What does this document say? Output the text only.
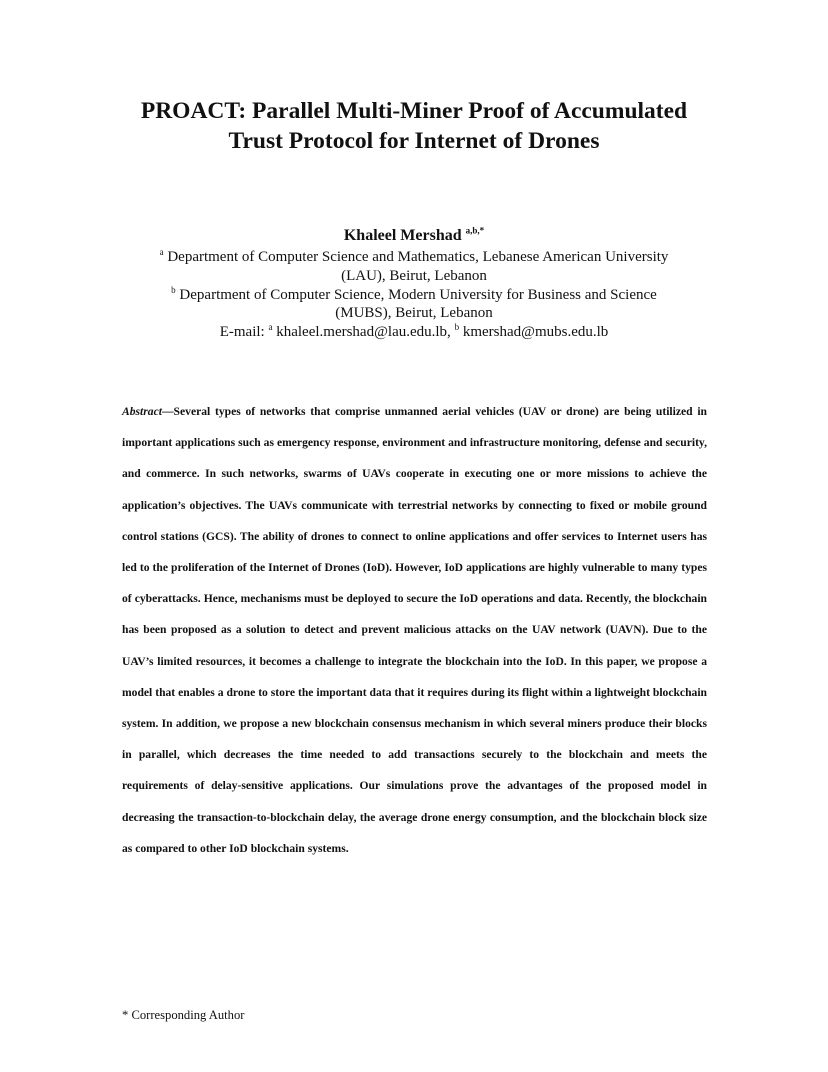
PROACT: Parallel Multi-Miner Proof of Accumulated
Trust Protocol for Internet of Drones
Khaleel Mershad $^{a,b,*}$
$^a$ Department of Computer Science and Mathematics, Lebanese American University
(LAU), Beirut, Lebanon
$^b$ Department of Computer Science, Modern University for Business and Science
(MUBS), Beirut, Lebanon
E-mail: $^a$ khaleel.mershad@lau.edu.lb, $^b$ kmershad@mubs.edu.lb

Abstract—Several types of networks that comprise unmanned aerial vehicles (UAV or drone) are being utilized in important applications such as emergency response, environment and infrastructure monitoring, defense and security, and commerce. In such networks, swarms of UAVs cooperate in executing one or more missions to achieve the application’s objectives. The UAVs communicate with terrestrial networks by connecting to fixed or mobile ground control stations (GCS). The ability of drones to connect to online applications and offer services to Internet users has led to the proliferation of the Internet of Drones (IoD). However, IoD applications are highly vulnerable to many types of cyberattacks. Hence, mechanisms must be deployed to secure the IoD operations and data. Recently, the blockchain has been proposed as a solution to detect and prevent malicious attacks on the UAV network (UAVN). Due to the UAV’s limited resources, it becomes a challenge to integrate the blockchain into the IoD. In this paper, we propose a model that enables a drone to store the important data that it requires during its flight within a lightweight blockchain system. In addition, we propose a new blockchain consensus mechanism in which several miners produce their blocks in parallel, which decreases the time needed to add transactions securely to the blockchain and meets the requirements of delay-sensitive applications. Our simulations prove the advantages of the proposed model in decreasing the transaction-to-blockchain delay, the average drone energy consumption, and the blockchain block size as compared to other IoD blockchain systems.

* Corresponding Author
